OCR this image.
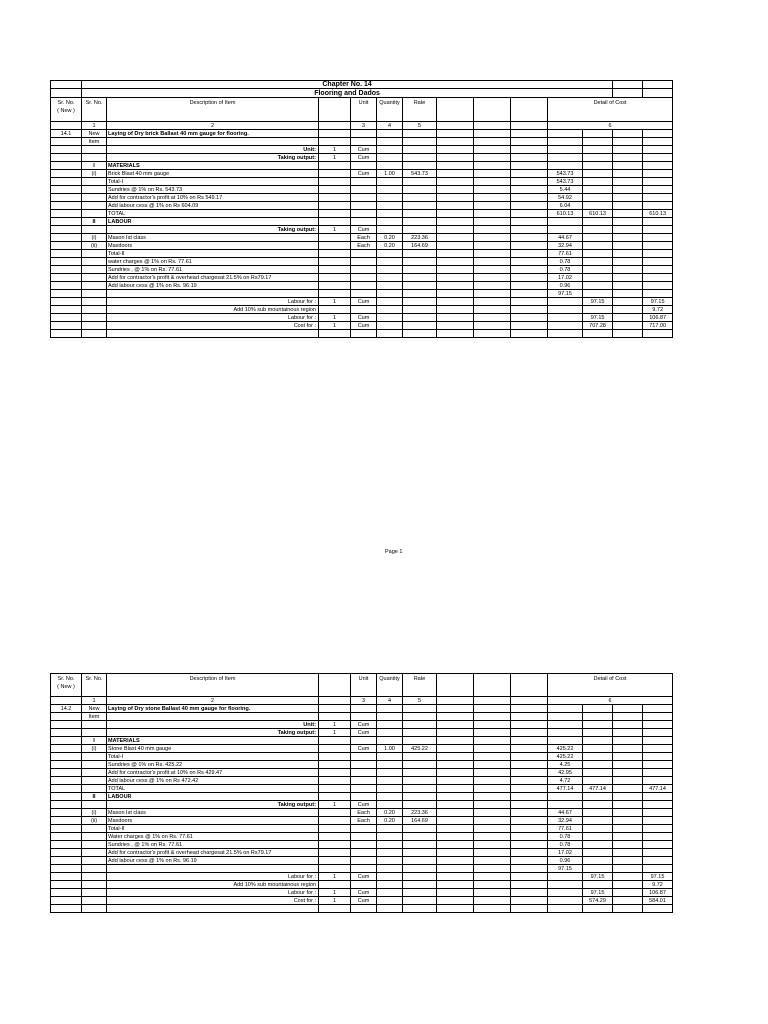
	Chapter No. 14												
	Flooring and Dados												

Sr. No.
( New )	Sr. No.	Description of Item		Unit	Quantity	Rate				Detail of Cost			
	1	2		3	4	5				6			
14.1	New	Laying of Dry brick Ballast 40 mm gauge for flooring.											
	Item												
		Unit:	1	Cum									
		Taking output:	1	Cum									
	I	MATERIALS											
	(i)	Brick Blast 40 mm gauge		Cum	1.00	543.73				543.73			
		Total-I								543.73			
		Sundries @ 1% on Rs. 543.73								5.44			
		Add for contractor's profit at 10% on Rs 549.17								54.92			
		Add labour cess @ 1% on Rs 604.09								6.04			
		TOTAL								610.13	610.13		610.13
	II	LABOUR											
		Taking output:	1	Cum									
	(i)	Mason Ist class		Each	0.20	223.36				44.67			
	(ii)	Maxdoors		Each	0.20	164.69				32.94			
		Total-II								77.61			
		water charges @ 1% on Rs. 77.61								0.78			
		Sundries , @ 1% on Rs. 77.61								0.78			
		Add for contractor's profit & overhead chargesat 21.5% on Rs79.17								17.02			
		Add labour cess @ 1% on Rs. 96.19								0.96			
										97.15			
		Labour for :	1	Cum							97.15		97.15
		Add 10% sub mountainous region											9.72
		Labour for :	1	Cum							97.15		106.87
		Cost for :	1	Cum							707.28		717.00

Page 1
Sr. No.
( New )	Sr. No.	Description of Item		Unit	Quantity	Rate				Detail of Cost			
	1	2		3	4	5				6			
14.2	New	Laying of Dry stone Ballast 40 mm gauge for flooring.											
	Item												
		Unit:	1	Cum									
		Taking output:	1	Cum									
	I	MATERIALS											
	(i)	Stone Blast 40 mm gauge		Cum	1.00	425.22				425.22			
		Total-I								425.22			
		Sundries @ 1% on Rs. 425.22								4.25			
		Add for contractor's profit at 10% on Rs 429.47								42.95			
		Add labour cess @ 1% on Rs 472.42								4.72			
		TOTAL								477.14	477.14		477.14
	II	LABOUR											
		Taking output:	1	Cum									
	(i)	Mason Ist class		Each	0.20	223.36				44.67			
	(ii)	Maxdoors		Each	0.20	164.69				32.94			
		Total-II								77.61			
		Water charges @ 1% on Rs. 77.61								0.78			
		Sundries , @ 1% on Rs. 77.61								0.78			
		Add for contractor's profit & overhead chargesat 21.5% on Rs79.17								17.02			
		Add labour cess @ 1% on Rs. 96.19								0.96			
										97.15			
		Labour for :	1	Cum							97.15		97.15
		Add 10% sub mountainous region											9.72
		Labour for :	1	Cum							97.15		106.87
		Cost for :	1	Cum							574.29		584.01
